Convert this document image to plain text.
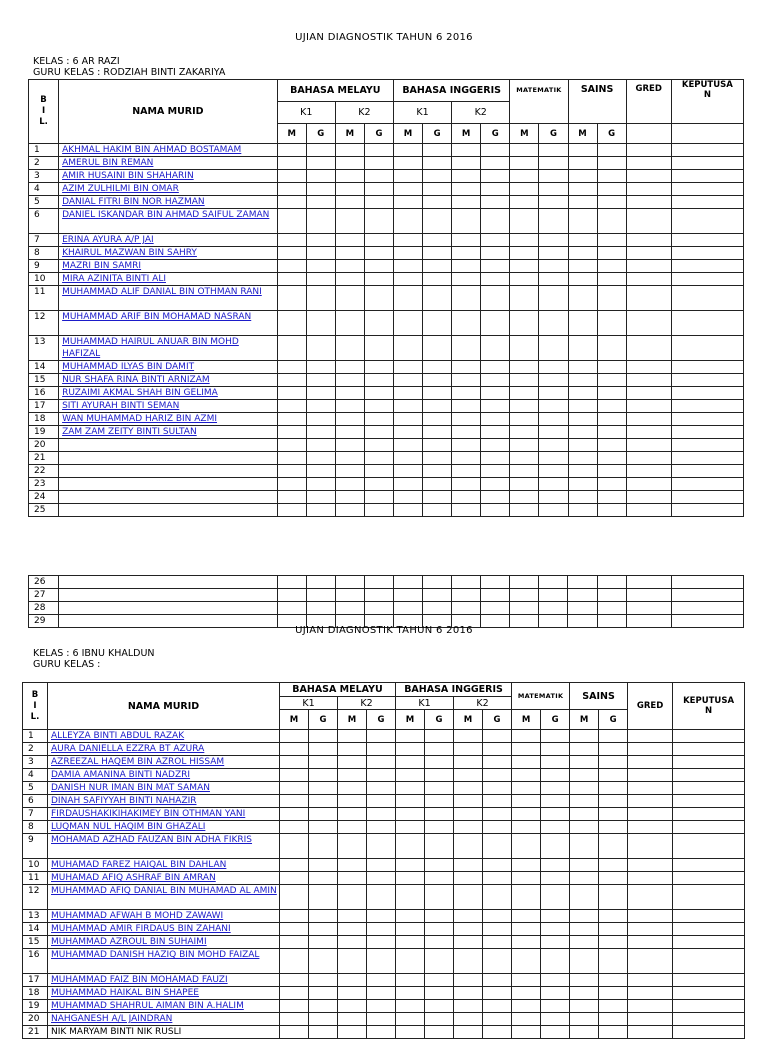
UJIAN DIAGNOSTIK TAHUN 6 2016
KELAS : 6 AR RAZI
GURU KELAS : RODZIAH BINTI ZAKARIYA
B
I
L.	NAMA MURID	BAHASA MELAYU				BAHASA INGGERIS				MATEMATIK		SAINS		GRED	KEPUTUSA
N
		K1		K2		K1		K2							
		M	G	M	G	M	G	M	G	M	G	M	G		
1	AKHMAL HAKIM BIN AHMAD BOSTAMAM														

2	AMERUL BIN REMAN														

3	AMIR HUSAINI BIN SHAHARIN														

4	AZIM ZULHILMI BIN OMAR														

5	DANIAL FITRI BIN NOR HAZMAN														

6	DANIEL ISKANDAR BIN AHMAD SAIFUL ZAMAN														

7	ERINA AYURA A/P JAI														

8	KHAIRUL MAZWAN BIN SAHRY														

9	MAZRI BIN SAMRI														

10	MIRA AZINITA BINTI ALI														

11	MUHAMMAD ALIF DANIAL BIN OTHMAN RANI														

12	MUHAMMAD ARIF BIN MOHAMAD NASRAN														

13	MUHAMMAD HAIRUL ANUAR BIN MOHD HAFIZAL														

14	MUHAMMAD ILYAS BIN DAMIT														

15	NUR SHAFA RINA BINTI ARNIZAM														

16	RUZAIMI AKMAL SHAH BIN GELIMA														

17	SITI AYURAH BINTI SEMAN														

18	WAN MUHAMMAD HARIZ BIN AZMI														

19	ZAM ZAM ZEITY BINTI SULTAN														

20															
21															
22															
23															
24															
25															
26															
27															
28															
29															
UJIAN DIAGNOSTIK TAHUN 6 2016
KELAS : 6 IBNU KHALDUN
GURU KELAS :
B
I
L.	NAMA MURID	BAHASA MELAYU				BAHASA INGGERIS				MATEMATIK		SAINS		GRED	KEPUTUSA
N
		K1		K2		K1		K2							
		M	G	M	G	M	G	M	G	M	G	M	G		
1	ALLEYZA BINTI ABDUL RAZAK														

2	AURA DANIELLA EZZRA BT AZURA														

3	AZREEZAL HAQEM BIN AZROL HISSAM														

4	DAMIA AMANINA BINTI NADZRI														

5	DANISH NUR IMAN BIN MAT SAMAN														

6	DINAH SAFIYYAH BINTI NAHAZIR														

7	FIRDAUSHAKIKIHAKIMEY BIN OTHMAN YANI														

8	LUQMAN NUL HAQIM BIN GHAZALI														

9	MOHAMAD AZHAD FAUZAN BIN ADHA FIKRIS														

10	MUHAMAD FAREZ HAIQAL BIN DAHLAN														

11	MUHAMAD AFIQ ASHRAF BIN AMRAN														

12	MUHAMMAD AFIQ DANIAL BIN MUHAMAD AL AMIN														

13	MUHAMMAD AFWAH B MOHD ZAWAWI														

14	MUHAMMAD AMIR FIRDAUS BIN ZAHANI														

15	MUHAMMAD AZROUL BIN SUHAIMI														

16	MUHAMMAD DANISH HAZIQ BIN MOHD FAIZAL														

17	MUHAMMAD FAIZ BIN MOHAMAD FAUZI														

18	MUHAMMAD HAIKAL BIN SHAPEE														

19	MUHAMMAD SHAHRUL AIMAN BIN A.HALIM														

20	NAHGANESH A/L JAINDRAN														

21	NIK MARYAM BINTI NIK RUSLI														
